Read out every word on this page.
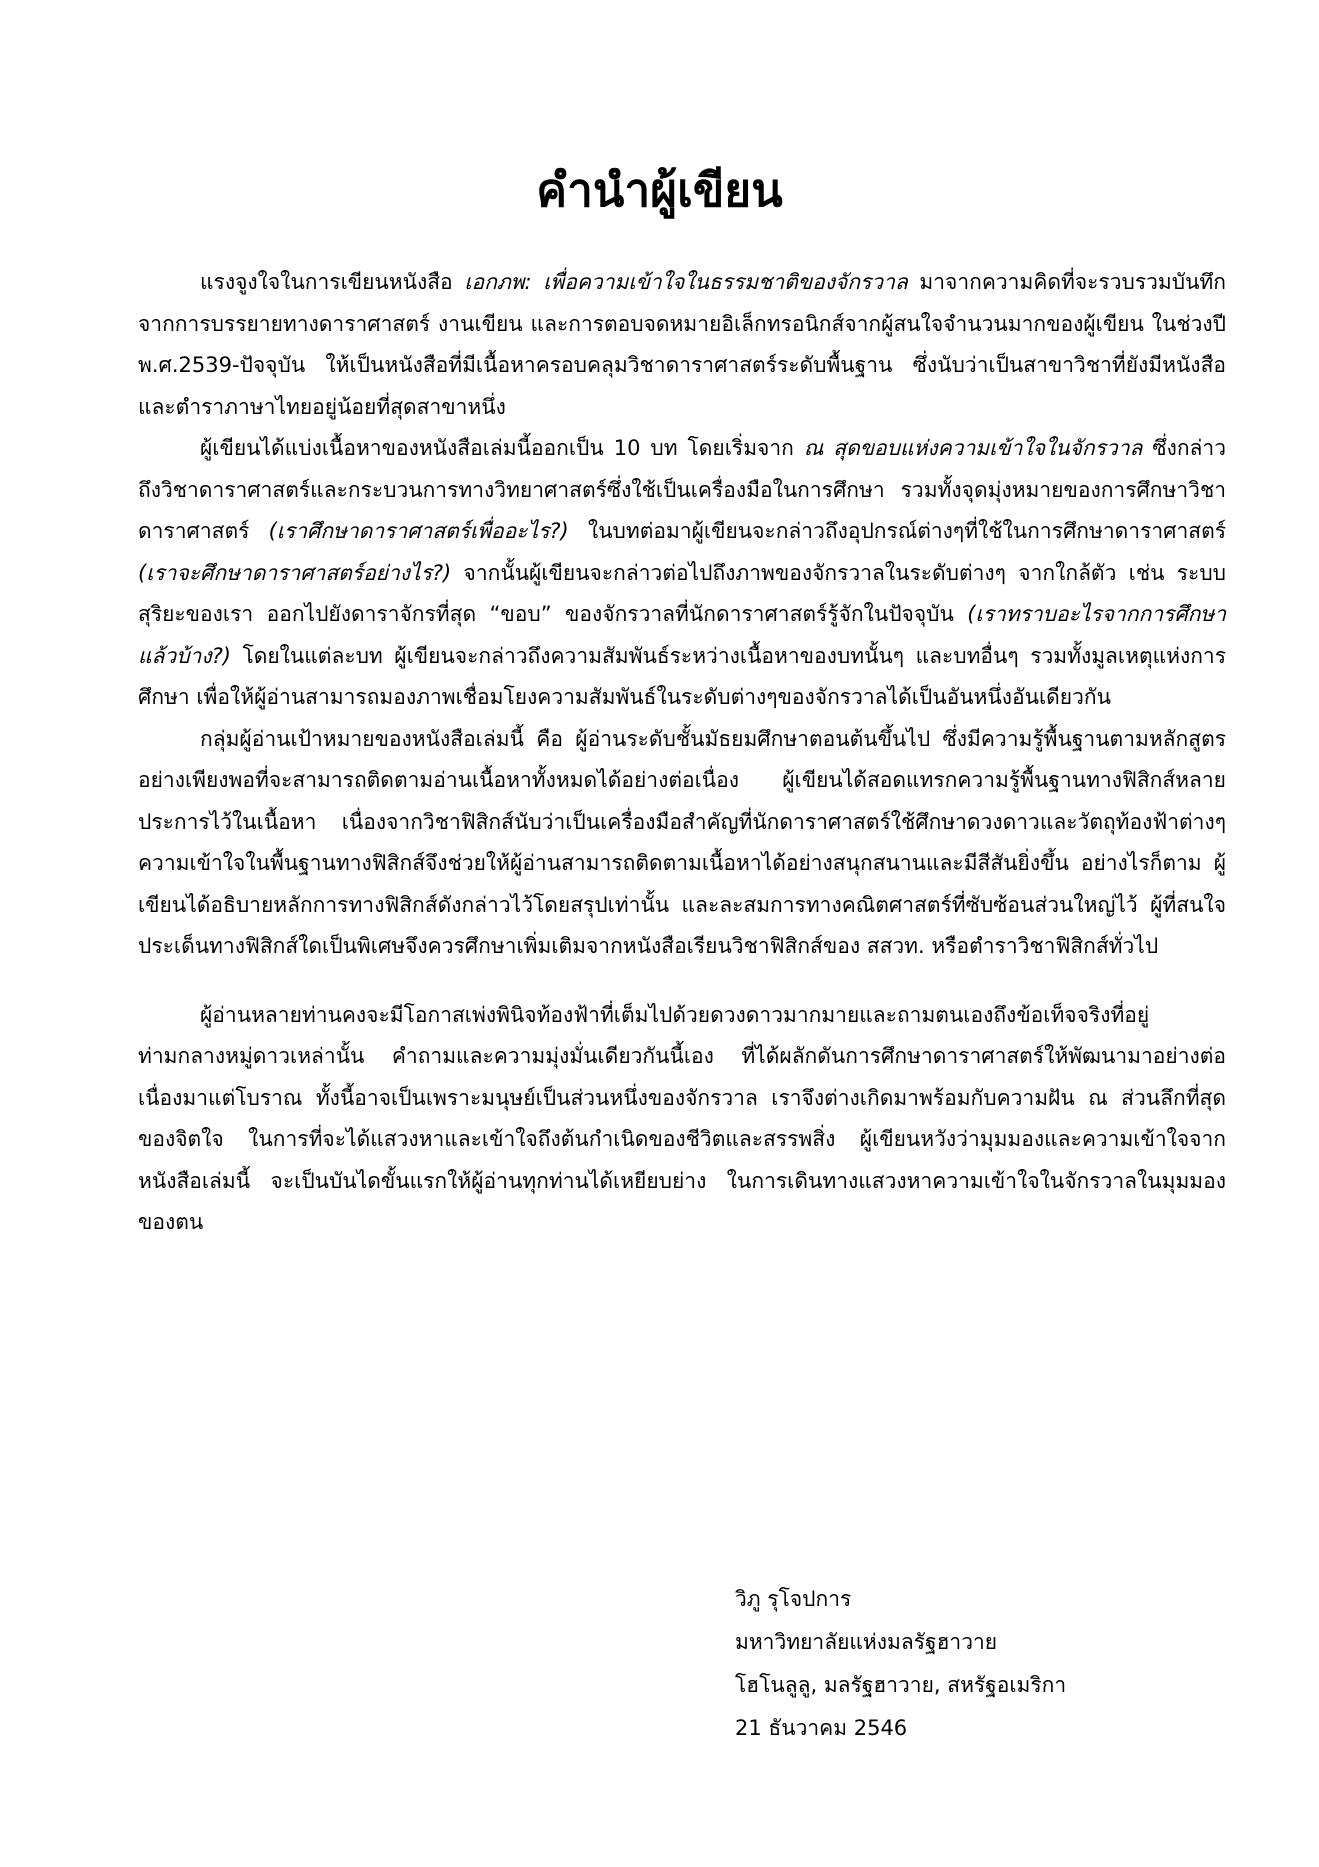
คำนำผู้เขียน

แรงจูงใจในการเขียนหนังสือ เอกภพ: เพื่อความเข้าใจในธรรมชาติของจักรวาล มาจากความคิดที่จะรวบรวมบันทึกจากการบรรยายทางดาราศาสตร์ งานเขียน และการตอบจดหมายอิเล็กทรอนิกส์จากผู้สนใจจำนวนมากของผู้เขียน ในช่วงปี พ.ศ.2539-ปัจจุบัน ให้เป็นหนังสือที่มีเนื้อหาครอบคลุมวิชาดาราศาสตร์ระดับพื้นฐาน ซึ่งนับว่าเป็นสาขาวิชาที่ยังมีหนังสือและตำราภาษาไทยอยู่น้อยที่สุดสาขาหนึ่ง

ผู้เขียนได้แบ่งเนื้อหาของหนังสือเล่มนี้ออกเป็น 10 บท โดยเริ่มจาก ณ สุดขอบแห่งความเข้าใจในจักรวาล ซึ่งกล่าวถึงวิชาดาราศาสตร์และกระบวนการทางวิทยาศาสตร์ซึ่งใช้เป็นเครื่องมือในการศึกษา รวมทั้งจุดมุ่งหมายของการศึกษาวิชาดาราศาสตร์ (เราศึกษาดาราศาสตร์เพื่ออะไร?) ในบทต่อมาผู้เขียนจะกล่าวถึงอุปกรณ์ต่างๆที่ใช้ในการศึกษาดาราศาสตร์ (เราจะศึกษาดาราศาสตร์อย่างไร?) จากนั้นผู้เขียนจะกล่าวต่อไปถึงภาพของจักรวาลในระดับต่างๆ จากใกล้ตัว เช่น ระบบสุริยะของเรา ออกไปยังดาราจักรที่สุด “ขอบ” ของจักรวาลที่นักดาราศาสตร์รู้จักในปัจจุบัน (เราทราบอะไรจากการศึกษาแล้วบ้าง?) โดยในแต่ละบท ผู้เขียนจะกล่าวถึงความสัมพันธ์ระหว่างเนื้อหาของบทนั้นๆ และบทอื่นๆ รวมทั้งมูลเหตุแห่งการศึกษา เพื่อให้ผู้อ่านสามารถมองภาพเชื่อมโยงความสัมพันธ์ในระดับต่างๆของจักรวาลได้เป็นอันหนึ่งอันเดียวกัน

กลุ่มผู้อ่านเป้าหมายของหนังสือเล่มนี้ คือ ผู้อ่านระดับชั้นมัธยมศึกษาตอนต้นขึ้นไป ซึ่งมีความรู้พื้นฐานตามหลักสูตรอย่างเพียงพอที่จะสามารถติดตามอ่านเนื้อหาทั้งหมดได้อย่างต่อเนื่อง ผู้เขียนได้สอดแทรกความรู้พื้นฐานทางฟิสิกส์หลายประการไว้ในเนื้อหา เนื่องจากวิชาฟิสิกส์นับว่าเป็นเครื่องมือสำคัญที่นักดาราศาสตร์ใช้ศึกษาดวงดาวและวัตถุท้องฟ้าต่างๆ ความเข้าใจในพื้นฐานทางฟิสิกส์จึงช่วยให้ผู้อ่านสามารถติดตามเนื้อหาได้อย่างสนุกสนานและมีสีสันยิ่งขึ้น อย่างไรก็ตาม ผู้เขียนได้อธิบายหลักการทางฟิสิกส์ดังกล่าวไว้โดยสรุปเท่านั้น และละสมการทางคณิตศาสตร์ที่ซับซ้อนส่วนใหญ่ไว้ ผู้ที่สนใจประเด็นทางฟิสิกส์ใดเป็นพิเศษจึงควรศึกษาเพิ่มเติมจากหนังสือเรียนวิชาฟิสิกส์ของ สสวท. หรือตำราวิชาฟิสิกส์ทั่วไป

ผู้อ่านหลายท่านคงจะมีโอกาสเพ่งพินิจท้องฟ้าที่เต็มไปด้วยดวงดาวมากมายและถามตนเองถึงข้อเท็จจริงที่อยู่ท่ามกลางหมู่ดาวเหล่านั้น คำถามและความมุ่งมั่นเดียวกันนี้เอง ที่ได้ผลักดันการศึกษาดาราศาสตร์ให้พัฒนามาอย่างต่อเนื่องมาแต่โบราณ ทั้งนี้อาจเป็นเพราะมนุษย์เป็นส่วนหนึ่งของจักรวาล เราจึงต่างเกิดมาพร้อมกับความฝัน ณ ส่วนลึกที่สุดของจิตใจ ในการที่จะได้แสวงหาและเข้าใจถึงต้นกำเนิดของชีวิตและสรรพสิ่ง ผู้เขียนหวังว่ามุมมองและความเข้าใจจากหนังสือเล่มนี้ จะเป็นบันไดขั้นแรกให้ผู้อ่านทุกท่านได้เหยียบย่าง ในการเดินทางแสวงหาความเข้าใจในจักรวาลในมุมมองของตน

วิภู รุโจปการ
มหาวิทยาลัยแห่งมลรัฐฮาวาย
โฮโนลูลู, มลรัฐฮาวาย, สหรัฐอเมริกา
21 ธันวาคม 2546
